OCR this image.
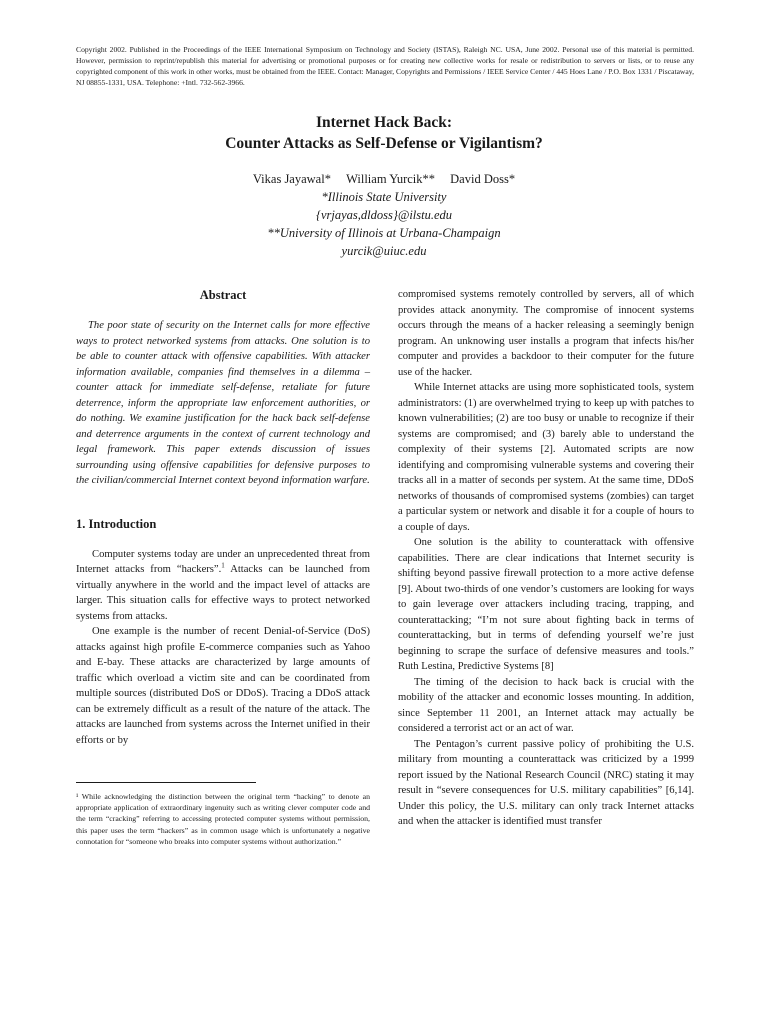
Copyright 2002. Published in the Proceedings of the IEEE International Symposium on Technology and Society (ISTAS), Raleigh NC. USA, June 2002. Personal use of this material is permitted. However, permission to reprint/republish this material for advertising or promotional purposes or for creating new collective works for resale or redistribution to servers or lists, or to reuse any copyrighted component of this work in other works, must be obtained from the IEEE. Contact: Manager, Copyrights and Permissions / IEEE Service Center / 445 Hoes Lane / P.O. Box 1331 / Piscataway, NJ 08855-1331, USA. Telephone: +Intl. 732-562-3966.
Internet Hack Back:
Counter Attacks as Self-Defense or Vigilantism?
Vikas Jayawal* William Yurcik** David Doss*
*Illinois State University
{vrjayas,dldoss}@ilstu.edu
**University of Illinois at Urbana-Champaign
yurcik@uiuc.edu
Abstract

The poor state of security on the Internet calls for more effective ways to protect networked systems from attacks. One solution is to be able to counter attack with offensive capabilities. With attacker information available, companies find themselves in a dilemma – counter attack for immediate self-defense, retaliate for future deterrence, inform the appropriate law enforcement authorities, or do nothing. We examine justification for the hack back self-defense and deterrence arguments in the context of current technology and legal framework. This paper extends discussion of issues surrounding using offensive capabilities for defensive purposes to the civilian/commercial Internet context beyond information warfare.

1. Introduction

Computer systems today are under an unprecedented threat from Internet attacks from “hackers”.$^1$ Attacks can be launched from virtually anywhere in the world and the impact level of attacks are larger. This situation calls for effective ways to protect networked systems from attacks.

One example is the number of recent Denial-of-Service (DoS) attacks against high profile E-commerce companies such as Yahoo and E-bay. These attacks are characterized by large amounts of traffic which overload a victim site and can be coordinated from multiple sources (distributed DoS or DDoS). Tracing a DDoS attack can be extremely difficult as a result of the nature of the attack. The attacks are launched from systems across the Internet unified in their efforts or by

¹ While acknowledging the distinction between the original term “hacking” to denote an appropriate application of extraordinary ingenuity such as writing clever computer code and the term “cracking” referring to accessing protected computer systems without permission, this paper uses the term “hackers” as in common usage which is unfortunately a negative connotation for “someone who breaks into computer systems without authorization.”

compromised systems remotely controlled by servers, all of which provides attack anonymity. The compromise of innocent systems occurs through the means of a hacker releasing a seemingly benign program. An unknowing user installs a program that infects his/her computer and provides a backdoor to their computer for the future use of the hacker.

While Internet attacks are using more sophisticated tools, system administrators: (1) are overwhelmed trying to keep up with patches to known vulnerabilities; (2) are too busy or unable to recognize if their systems are compromised; and (3) barely able to understand the complexity of their systems [2]. Automated scripts are now identifying and compromising vulnerable systems and covering their tracks all in a matter of seconds per system. At the same time, DDoS networks of thousands of compromised systems (zombies) can target a particular system or network and disable it for a couple of hours to a couple of days.

One solution is the ability to counterattack with offensive capabilities. There are clear indications that Internet security is shifting beyond passive firewall protection to a more active defense [9]. About two-thirds of one vendor’s customers are looking for ways to gain leverage over attackers including tracing, trapping, and counterattacking; “I’m not sure about fighting back in terms of counterattacking, but in terms of defending yourself we’re just beginning to scrape the surface of defensive measures and tools.” Ruth Lestina, Predictive Systems [8]

The timing of the decision to hack back is crucial with the mobility of the attacker and economic losses mounting. In addition, since September 11 2001, an Internet attack may actually be considered a terrorist act or an act of war.

The Pentagon’s current passive policy of prohibiting the U.S. military from mounting a counterattack was criticized by a 1999 report issued by the National Research Council (NRC) stating it may result in “severe consequences for U.S. military capabilities” [6,14]. Under this policy, the U.S. military can only track Internet attacks and when the attacker is identified must transfer
